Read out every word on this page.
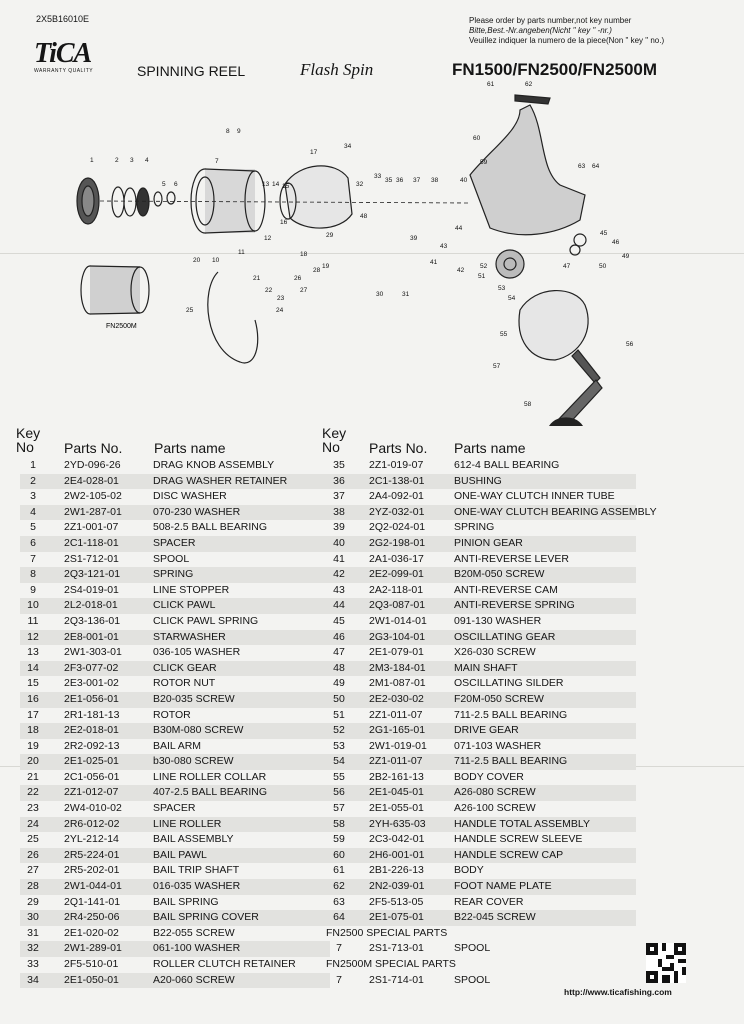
2X5B16010E
TiCA
WARRANTY QUALITY	SPINNING REEL	Flash Spin	FN1500/FN2500/FN2500M
Please order by parts number,not key number
Bitte,Best.-Nr.angeben(Nicht " key " -nr.)
Veuillez indiquer la numero de la piece(Non " key " no.)
FN2500M
1	2 3 4
5 6
7
8 9
10
11
12
13 14 15
16
17
18
19
20
21
22
23
24
25
26
27
28
29
30	31
32
33
34
35 36 37 38
39
40
41
42
43
44
45
46
47
48
49
50
51
52
53
54
55
56
57
58
59
60
61	62
63 64
Key
No	Parts No. Parts name
Key
No	Parts No. Parts name
1	2YD-096-26	DRAG KNOB ASSEMBLY
2	2E4-028-01	DRAG WASHER RETAINER
3	2W2-105-02	DISC WASHER
4	2W1-287-01	070-230 WASHER
5	2Z1-001-07	508-2.5 BALL BEARING
6	2C1-118-01	SPACER
7	2S1-712-01	SPOOL
8	2Q3-121-01	SPRING
9	2S4-019-01	LINE STOPPER
10	2L2-018-01	CLICK PAWL
11	2Q3-136-01	CLICK PAWL SPRING
12	2E8-001-01	STARWASHER
13	2W1-303-01	036-105 WASHER
14	2F3-077-02	CLICK GEAR
15	2E3-001-02	ROTOR NUT
16	2E1-056-01	B20-035 SCREW
17	2R1-181-13	ROTOR
18	2E2-018-01	B30M-080 SCREW
19	2R2-092-13	BAIL ARM
20	2E1-025-01	b30-080 SCREW
21	2C1-056-01	LINE ROLLER COLLAR
22	2Z1-012-07	407-2.5 BALL BEARING
23	2W4-010-02	SPACER
24	2R6-012-02	LINE ROLLER
25	2YL-212-14	BAIL ASSEMBLY
26	2R5-224-01	BAIL PAWL
27	2R5-202-01	BAIL TRIP SHAFT
28	2W1-044-01	016-035 WASHER
29	2Q1-141-01	BAIL SPRING
30	2R4-250-06	BAIL SPRING COVER
31	2E1-020-02	B22-055 SCREW
32	2W1-289-01	061-100 WASHER
33	2F5-510-01	ROLLER CLUTCH RETAINER
34	2E1-050-01	A20-060 SCREW
35	2Z1-019-07	612-4 BALL BEARING
36	2C1-138-01	BUSHING
37	2A4-092-01	ONE-WAY CLUTCH INNER TUBE
38	2YZ-032-01	ONE-WAY CLUTCH BEARING ASSEMBLY
39	2Q2-024-01	SPRING
40	2G2-198-01	PINION GEAR
41	2A1-036-17	ANTI-REVERSE LEVER
42	2E2-099-01	B20M-050 SCREW
43	2A2-118-01	ANTI-REVERSE CAM
44	2Q3-087-01	ANTI-REVERSE SPRING
45	2W1-014-01	091-130 WASHER
46	2G3-104-01	OSCILLATING GEAR
47	2E1-079-01	X26-030 SCREW
48	2M3-184-01	MAIN SHAFT
49	2M1-087-01	OSCILLATING SILDER
50	2E2-030-02	F20M-050 SCREW
51	2Z1-011-07	711-2.5 BALL BEARING
52	2G1-165-01	DRIVE GEAR
53	2W1-019-01	071-103 WASHER
54	2Z1-011-07	711-2.5 BALL BEARING
55	2B2-161-13	BODY COVER
56	2E1-045-01	A26-080 SCREW
57	2E1-055-01	A26-100 SCREW
58	2YH-635-03	HANDLE TOTAL ASSEMBLY
59	2C3-042-01	HANDLE SCREW SLEEVE
60	2H6-001-01	HANDLE SCREW CAP
61	2B1-226-13	BODY
62	2N2-039-01	FOOT NAME PLATE
63	2F5-513-05	REAR COVER
64	2E1-075-01	B22-045 SCREW
FN2500 SPECIAL PARTS
7	2S1-713-01	SPOOL
FN2500M SPECIAL PARTS
7	2S1-714-01	SPOOL
http://www.ticafishing.com
